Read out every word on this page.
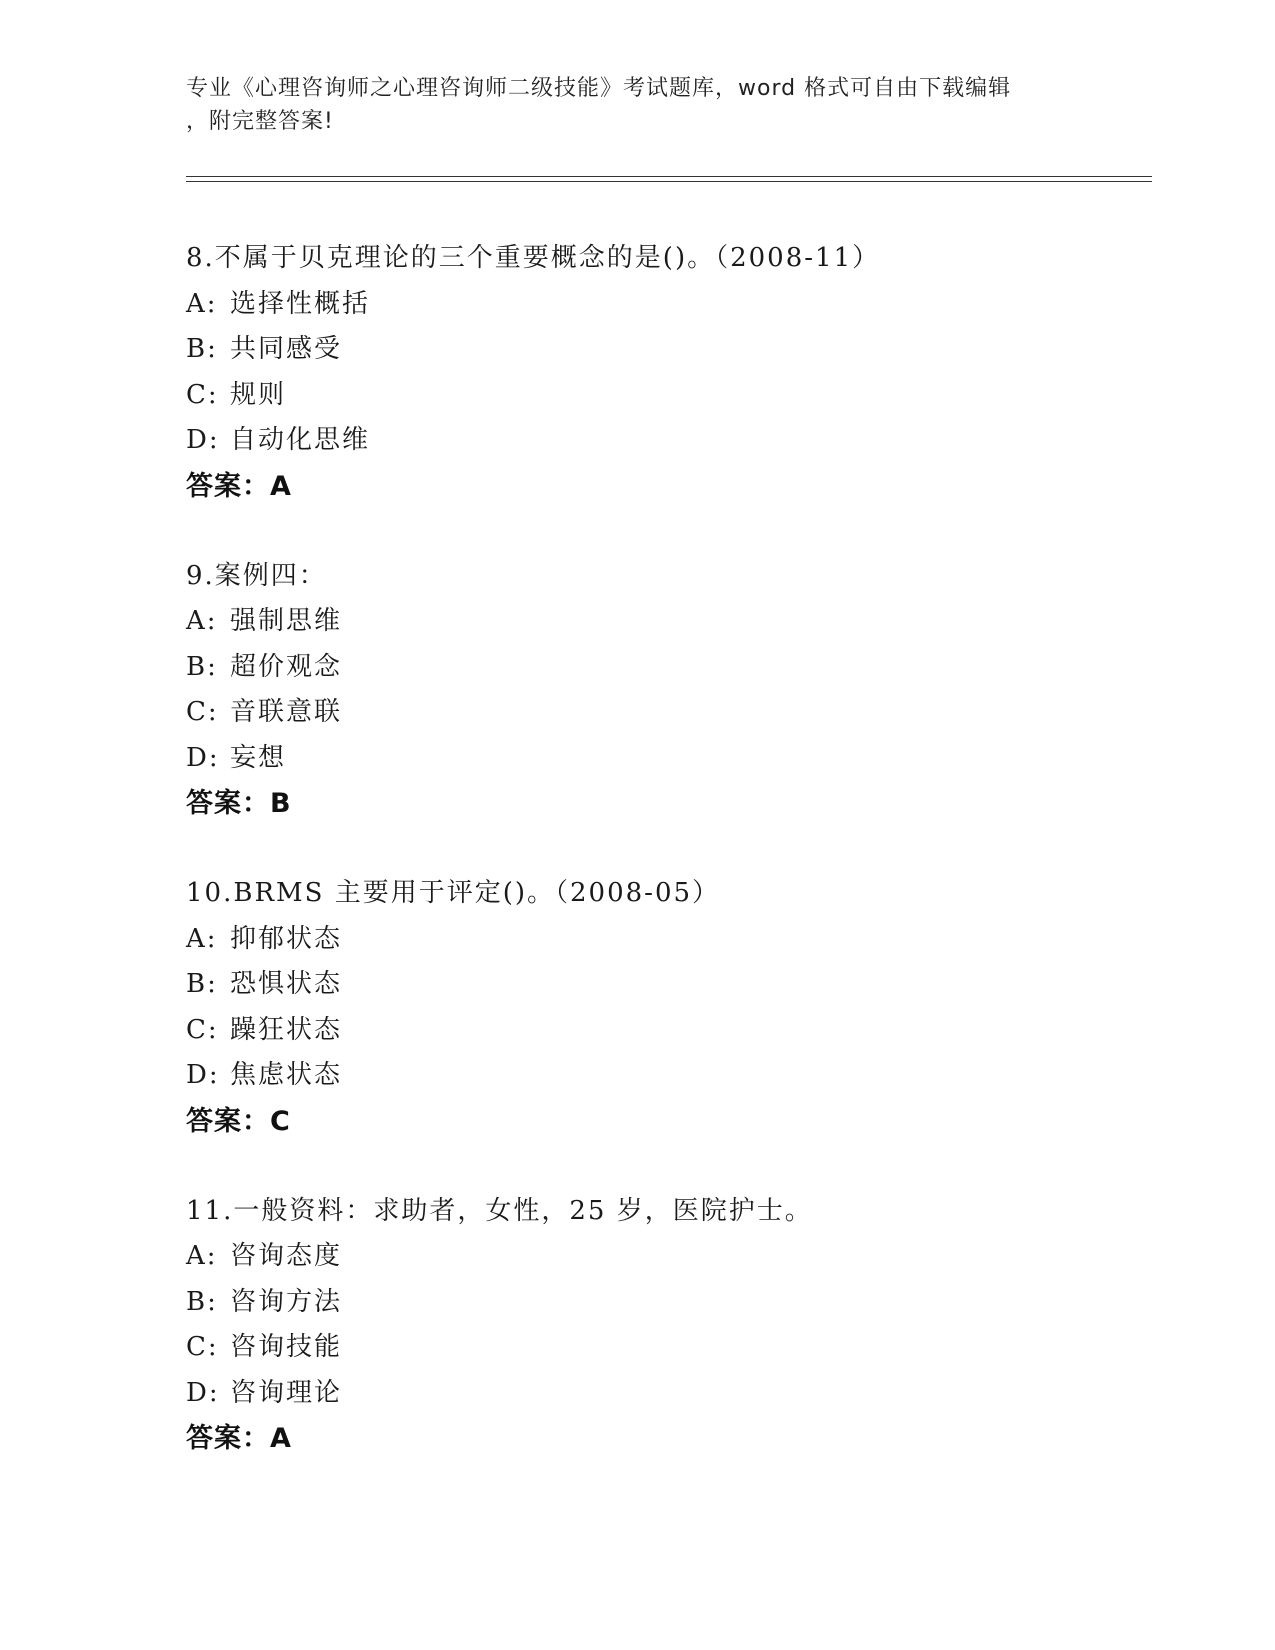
专业《心理咨询师之心理咨询师二级技能》考试题库，word 格式可自由下载编辑
，附完整答案!
8.不属于贝克理论的三个重要概念的是()。（2008-11）
A: 选择性概括
B: 共同感受
C: 规则
D: 自动化思维
答案：A
9.案例四：
A: 强制思维
B: 超价观念
C: 音联意联
D: 妄想
答案：B
10.BRMS 主要用于评定()。（2008-05）
A: 抑郁状态
B: 恐惧状态
C: 躁狂状态
D: 焦虑状态
答案：C
11.一般资料：求助者，女性，25 岁，医院护士。
A: 咨询态度
B: 咨询方法
C: 咨询技能
D: 咨询理论
答案：A
